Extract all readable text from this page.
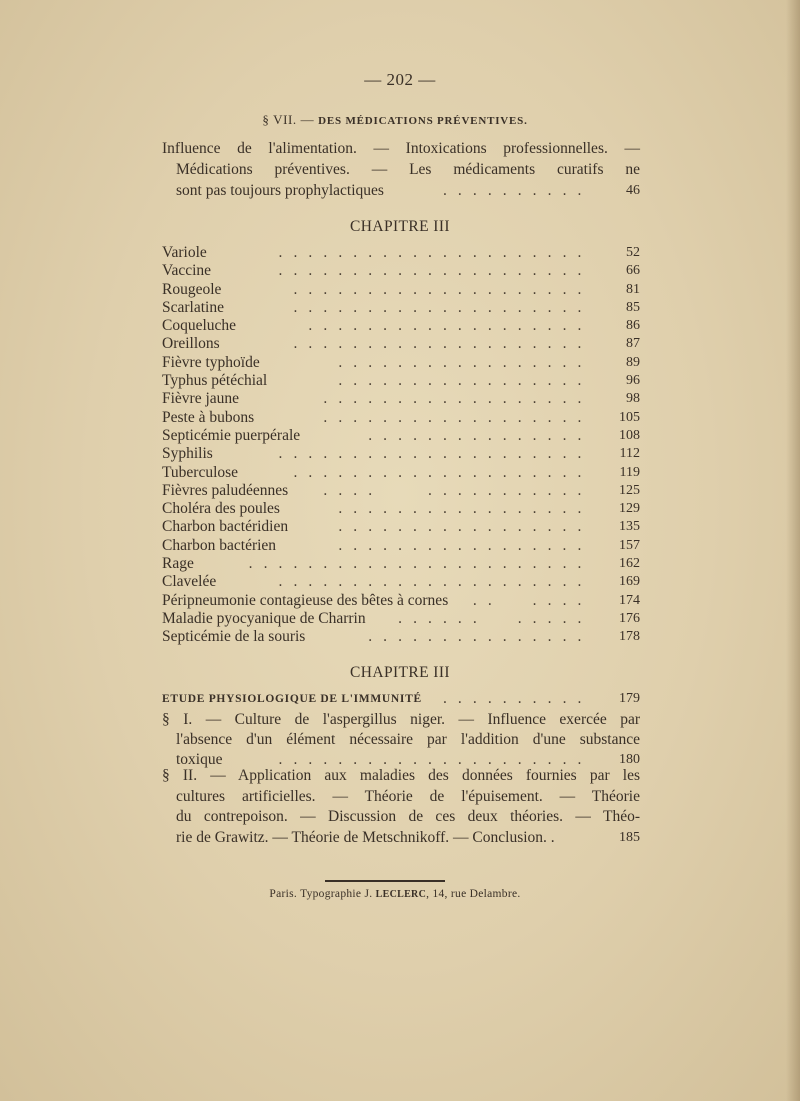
— 202 —
§ VII. — DES MÉDICATIONS PRÉVENTIVES.
Influence de l'alimentation. — Intoxications professionnelles. —
Médications préventives. — Les médicaments curatifs ne
sont pas toujours prophylactiques	. . . . . . . . . .	46
CHAPITRE III
Variole	. . . . . . . . . . . . . . . . . . . . .	52
Vaccine	. . . . . . . . . . . . . . . . . . . . .	66
Rougeole	. . . . . . . . . . . . . . . . . . . .	81
Scarlatine	. . . . . . . . . . . . . . . . . . . .	85
Coqueluche	. . . . . . . . . . . . . . . . . . .	86
Oreillons	. . . . . . . . . . . . . . . . . . . .	87
Fièvre typhoïde	. . . . . . . . . . . . . . . . .	89
Typhus pétéchial	. . . . . . . . . . . . . . . . .	96
Fièvre jaune	. . . . . . . . . . . . . . . . . .	98
Peste à bubons	. . . . . . . . . . . . . . . . . . 105
Septicémie puerpérale	. . . . . . . . . . . . . . . 108
Syphilis	. . . . . . . . . . . . . . . . . . . . . 112
Tuberculose	. . . . . . . . . . . . . . . . . . . . 119
Fièvres paludéennes . . . .       . . . . . . . . . . . 125
Choléra des poules	. . . . . . . . . . . . . . . . . 129
Charbon bactéridien	. . . . . . . . . . . . . . . . . 135
Charbon bactérien	. . . . . . . . . . . . . . . . . 157
Rage	. . . . . . . . . . . . . . . . . . . . . . . 162
Clavelée	. . . . . . . . . . . . . . . . . . . . . 169
Péripneumonie contagieuse des bêtes à cornes . .     . . . . 174
Maladie pyocyanique de Charrin . . . . . .     . . . . . 176
Septicémie de la souris	. . . . . . . . . . . . . . . 178
CHAPITRE III
ETUDE PHYSIOLOGIQUE DE L'IMMUNITÉ . . . . . . . . . . 179
§ I. — Culture de l'aspergillus niger. — Influence exercée par
l'absence d'un élément nécessaire par l'addition d'une substance
toxique	. . . . . . . . . . . . . . . . . . . . . 180
§ II. — Application aux maladies des données fournies par les
cultures artificielles. — Théorie de l'épuisement. — Théorie
du contrepoison. — Discussion de ces deux théories. — Théo-
rie de Grawitz. — Théorie de Metschnikoff. — Conclusion. .	185
Paris. Typographie J. LECLERC, 14, rue Delambre.
